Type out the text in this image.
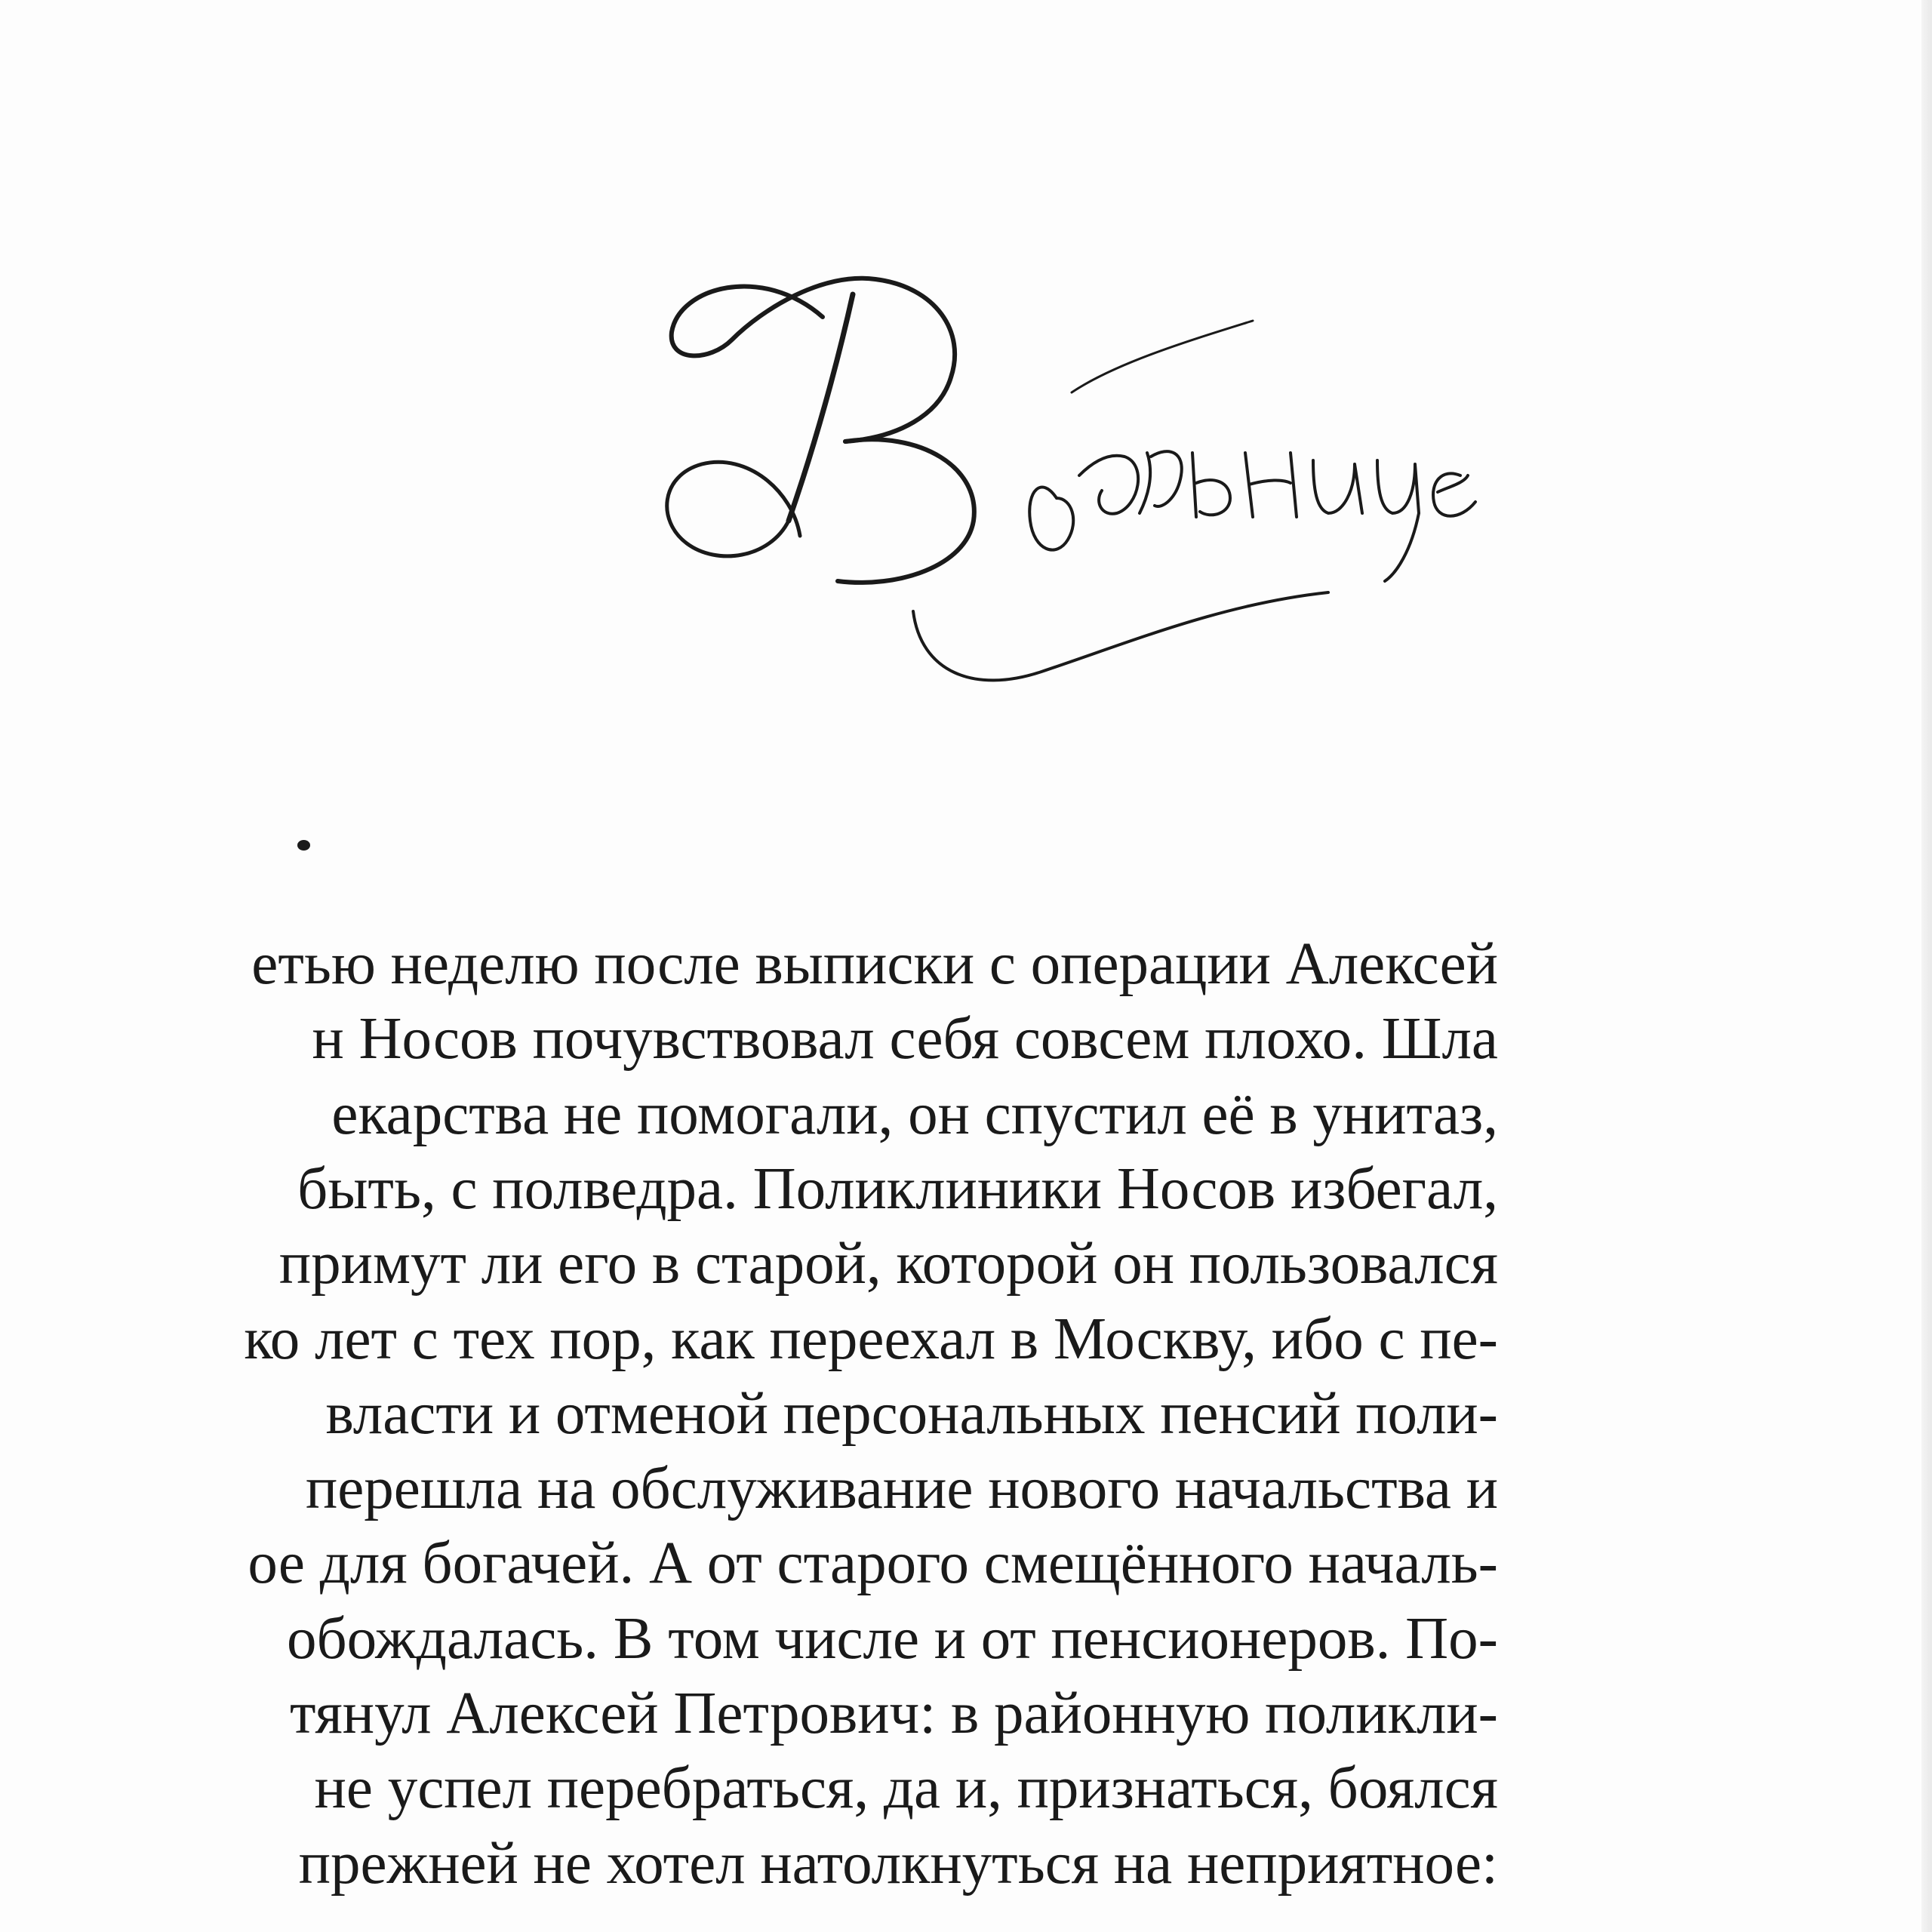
етью неделю после выписки с операции Алексей
н Носов почувствовал себя совсем плохо. Шла
екарства не помогали, он спустил её в унитаз,
быть, с полведра. Поликлиники Носов избегал,
примут ли его в старой, которой он пользовался
ко лет с тех пор, как переехал в Москву, ибо с пе-
власти и отменой персональных пенсий поли-
перешла на обслуживание нового начальства и
ое для богачей. А от старого смещённого началь-
обождалась. В том числе и от пенсионеров. По-
тянул Алексей Петрович: в районную поликли-
не успел перебраться, да и, признаться, боялся
прежней не хотел натолкнуться на неприятное:
